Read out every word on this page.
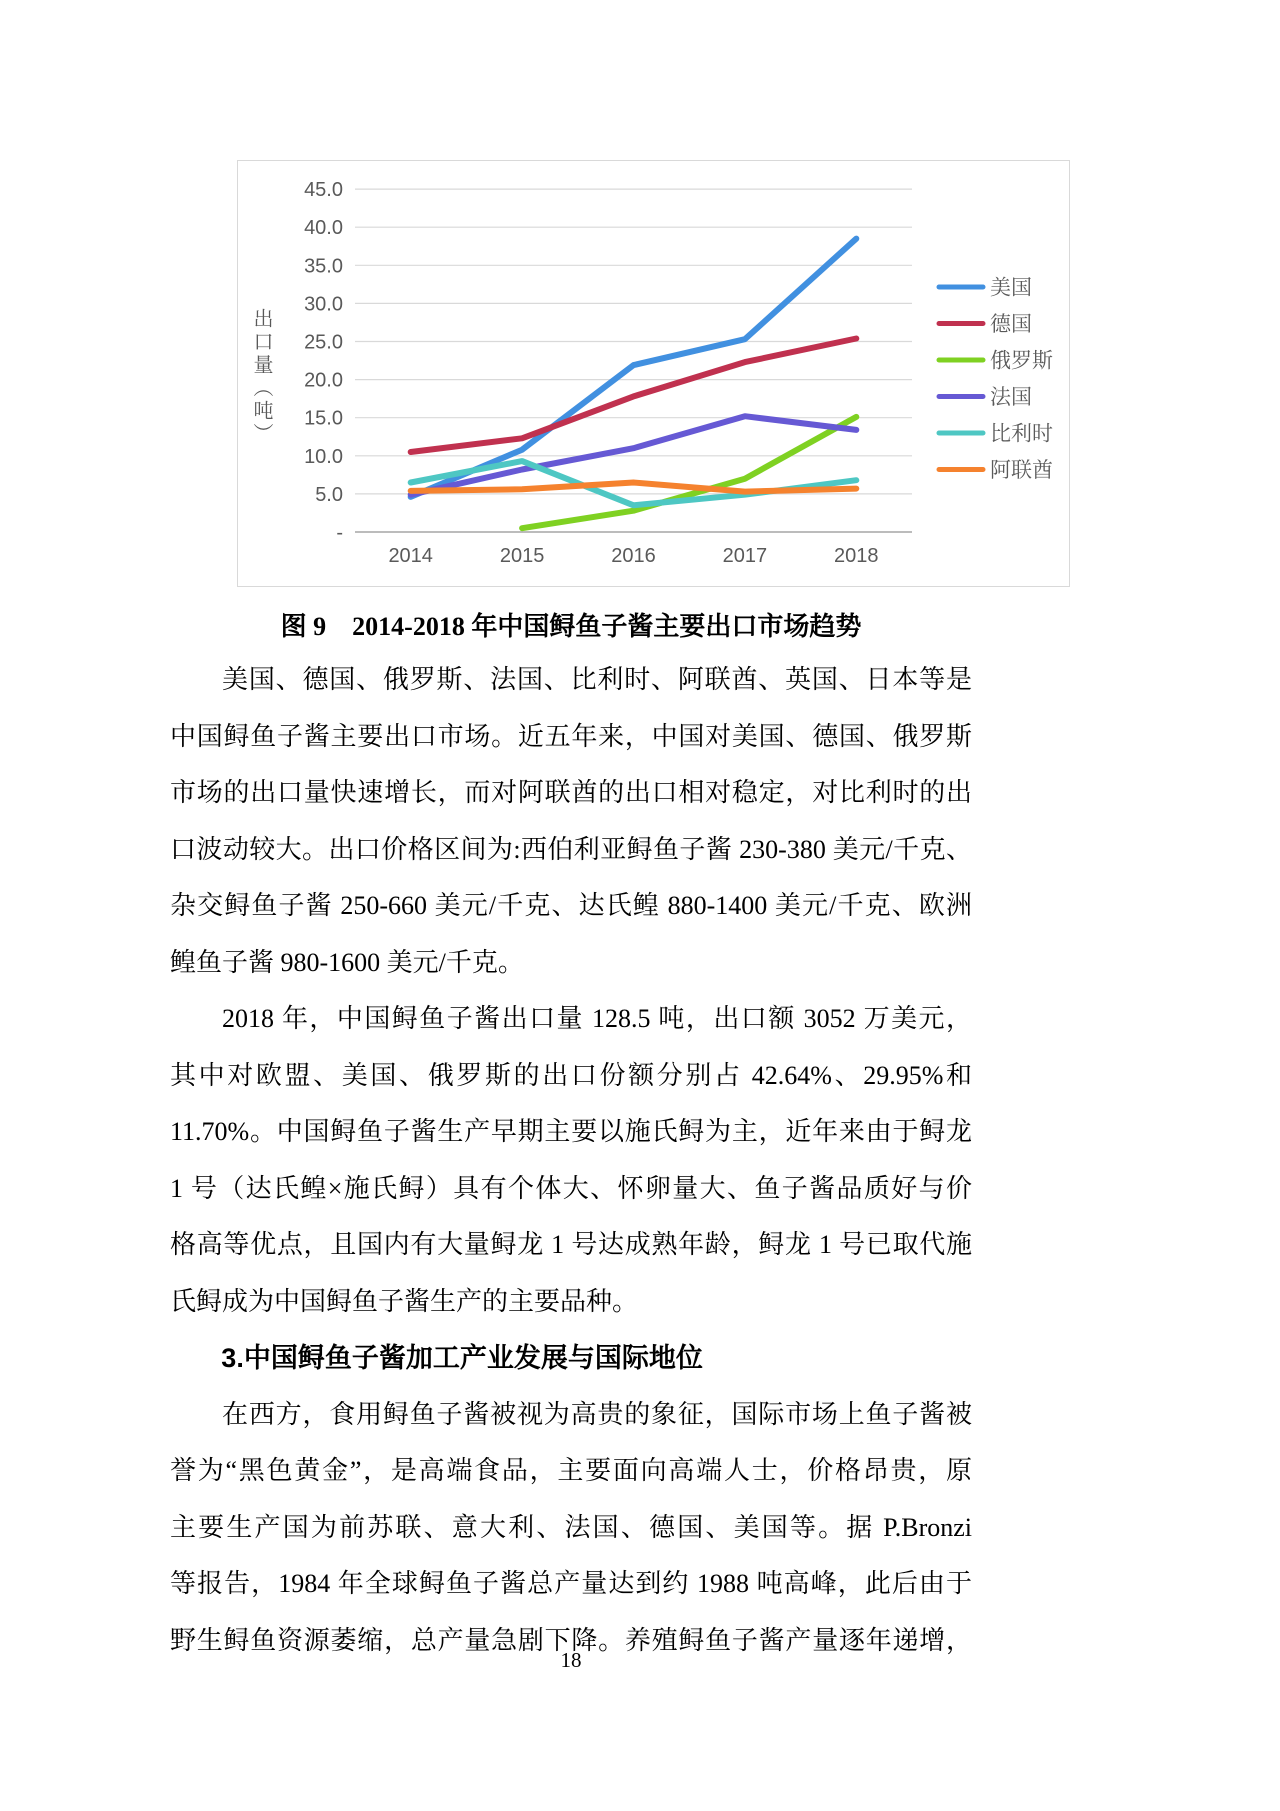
出口量（吨）
-
5.0
10.0
15.0
20.0
25.0
30.0
35.0
40.0
45.0
2014	2015	2016	2017	2018
美国
德国
俄罗斯
法国
比利时
阿联酋
图 9　2014-2018 年中国鲟鱼子酱主要出口市场趋势
美国、德国、俄罗斯、法国、比利时、阿联酋、英国、日本等是
中国鲟鱼子酱主要出口市场。近五年来，中国对美国、德国、俄罗斯
市场的出口量快速增长，而对阿联酋的出口相对稳定，对比利时的出
口波动较大。出口价格区间为:西伯利亚鲟鱼子酱 230-380 美元/千克、
杂交鲟鱼子酱 250-660 美元/千克、达氏鳇 880-1400 美元/千克、欧洲
鳇鱼子酱 980-1600 美元/千克。
2018 年，中国鲟鱼子酱出口量 128.5 吨，出口额 3052 万美元，
其中对欧盟、美国、俄罗斯的出口份额分别占 42.64%、29.95%和
11.70%。中国鲟鱼子酱生产早期主要以施氏鲟为主，近年来由于鲟龙
1 号（达氏鳇×施氏鲟）具有个体大、怀卵量大、鱼子酱品质好与价
格高等优点，且国内有大量鲟龙 1 号达成熟年龄，鲟龙 1 号已取代施
氏鲟成为中国鲟鱼子酱生产的主要品种。
3.中国鲟鱼子酱加工产业发展与国际地位
在西方，食用鲟鱼子酱被视为高贵的象征，国际市场上鱼子酱被
誉为“黑色黄金”，是高端食品，主要面向高端人士，价格昂贵，原
主要生产国为前苏联、意大利、法国、德国、美国等。据 P.Bronzi
等报告，1984 年全球鲟鱼子酱总产量达到约 1988 吨高峰，此后由于
野生鲟鱼资源萎缩，总产量急剧下降。养殖鲟鱼子酱产量逐年递增，
18
